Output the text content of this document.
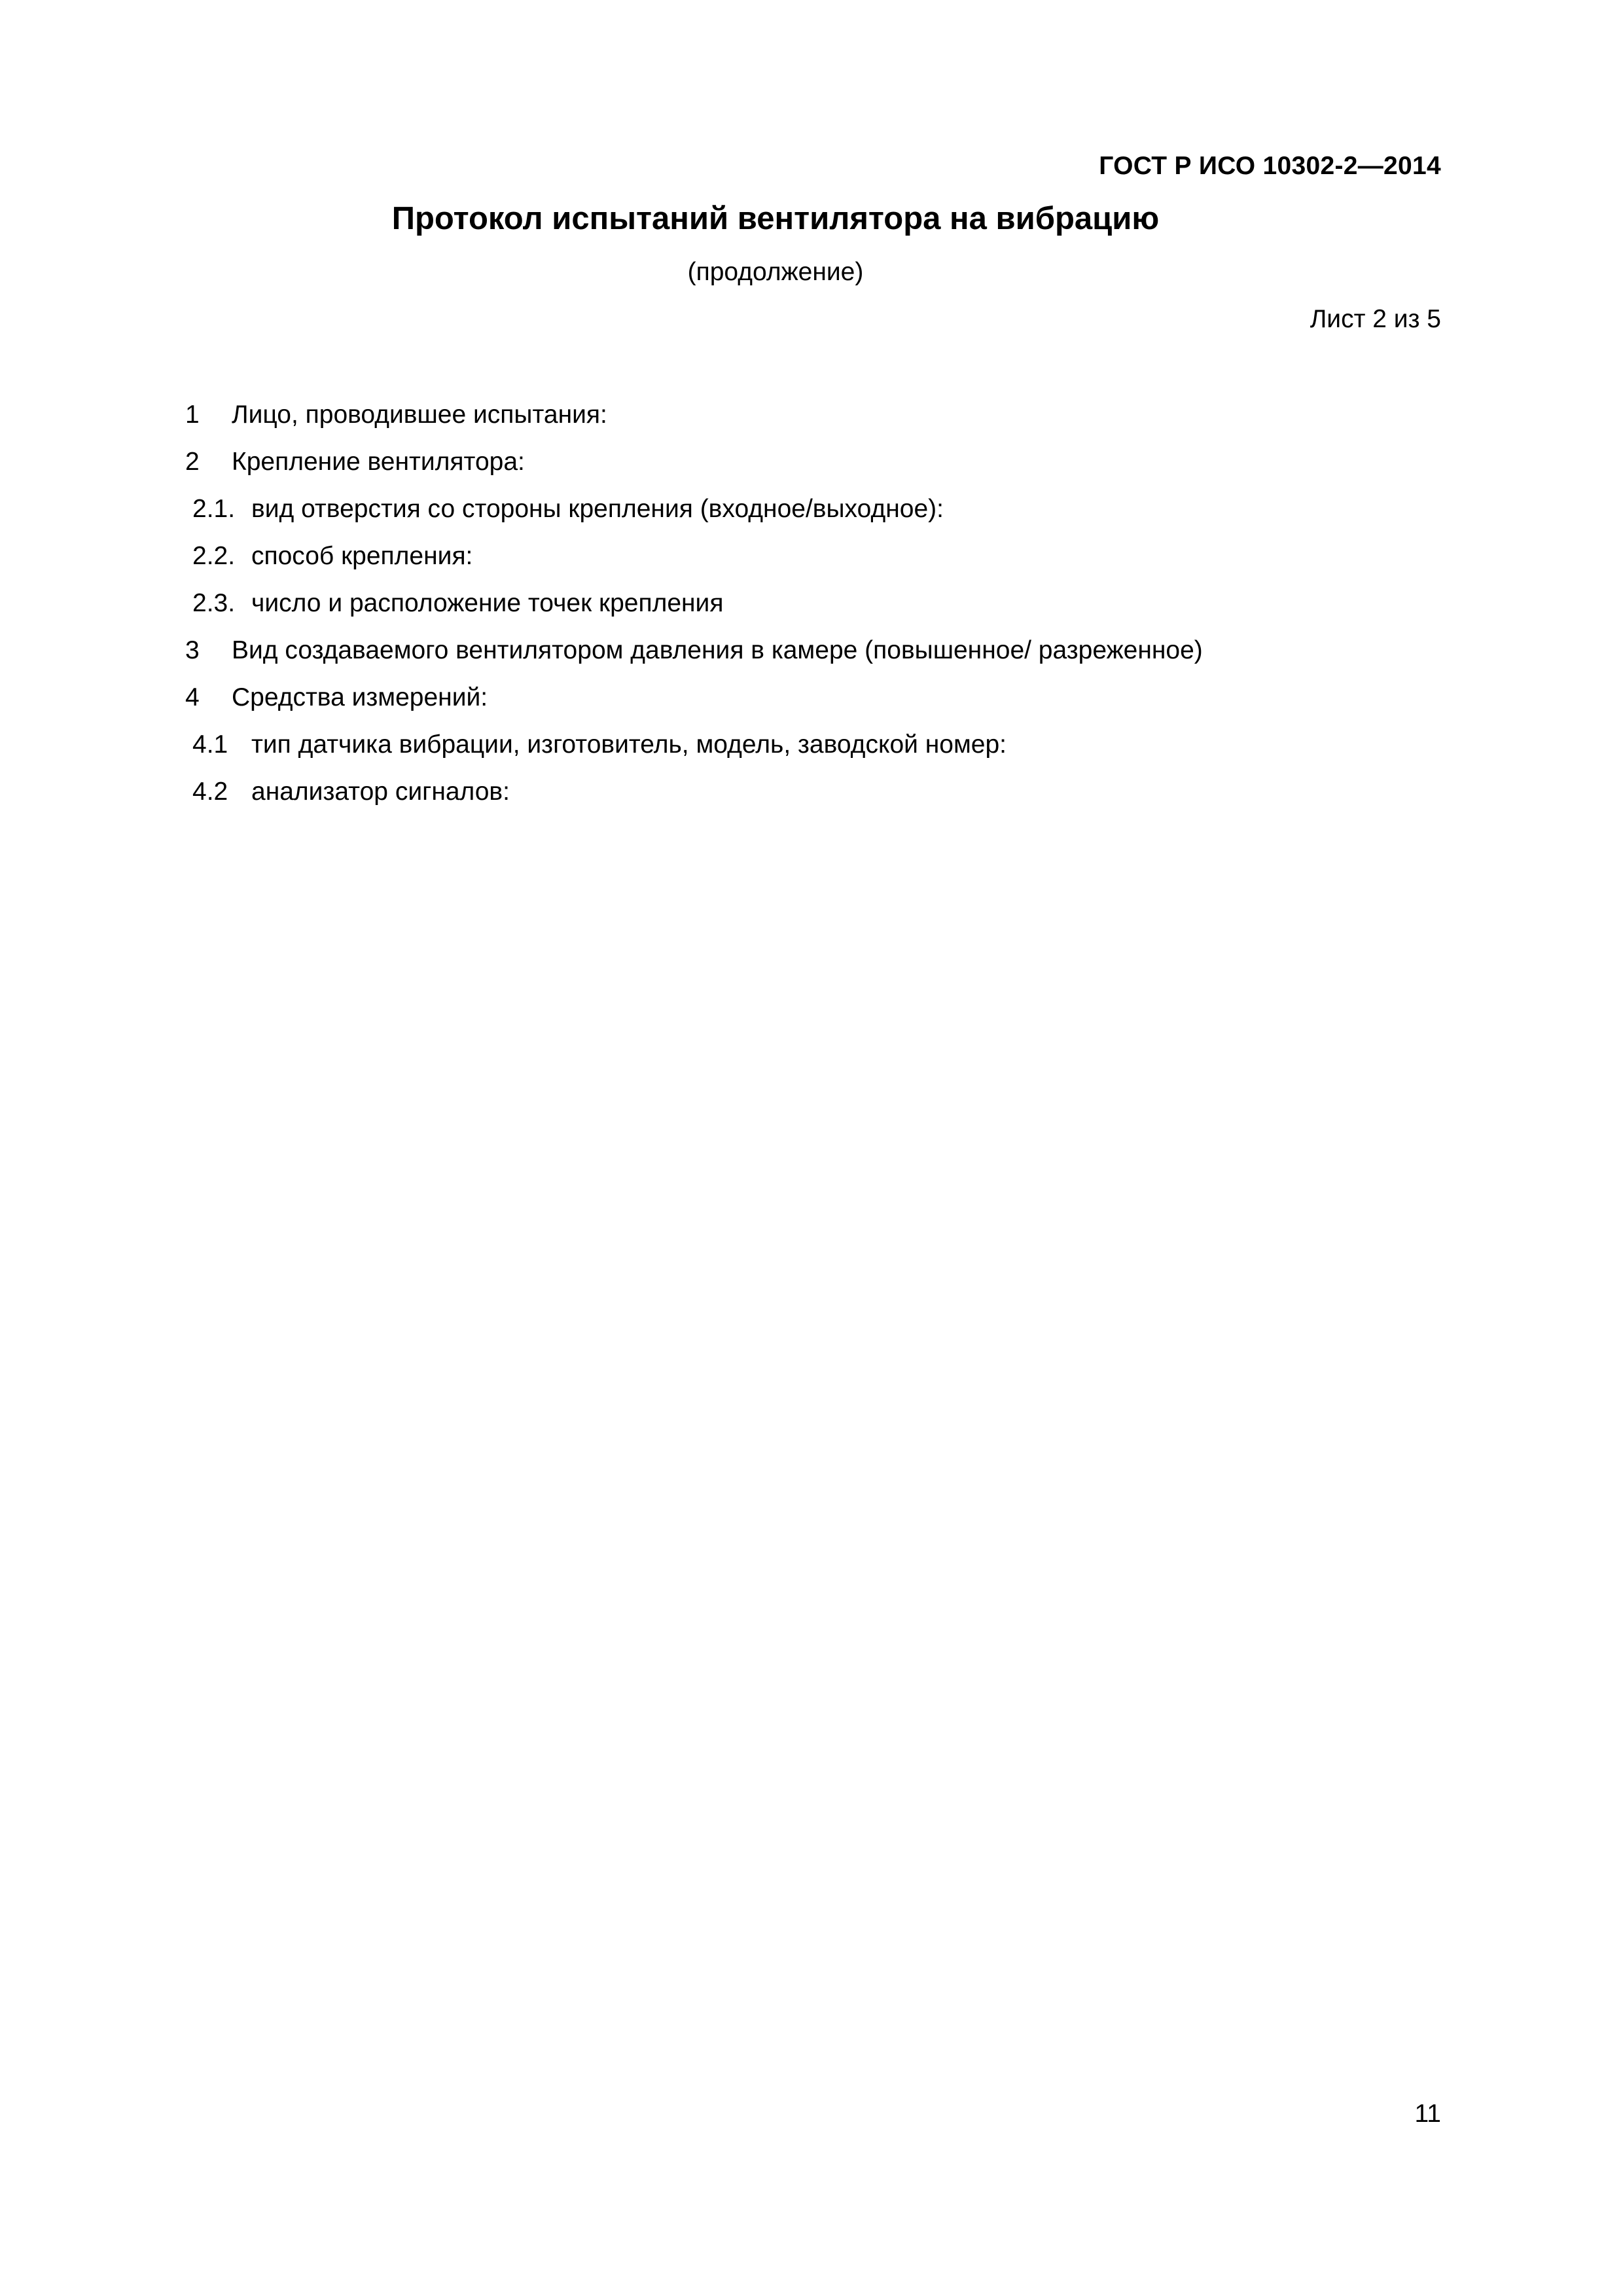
ГОСТ Р ИСО 10302-2—2014
Протокол испытаний вентилятора на вибрацию
(продолжение)
Лист 2 из 5
1 Лицо, проводившее испытания:
2 Крепление вентилятора:
2.1. вид отверстия со стороны крепления (входное/выходное):
2.2. способ крепления:
2.3. число и расположение точек крепления
3 Вид создаваемого вентилятором давления в камере (повышенное/ разреженное)
4 Средства измерений:
4.1 тип датчика вибрации, изготовитель, модель, заводской номер:
4.2 анализатор сигналов:
11
